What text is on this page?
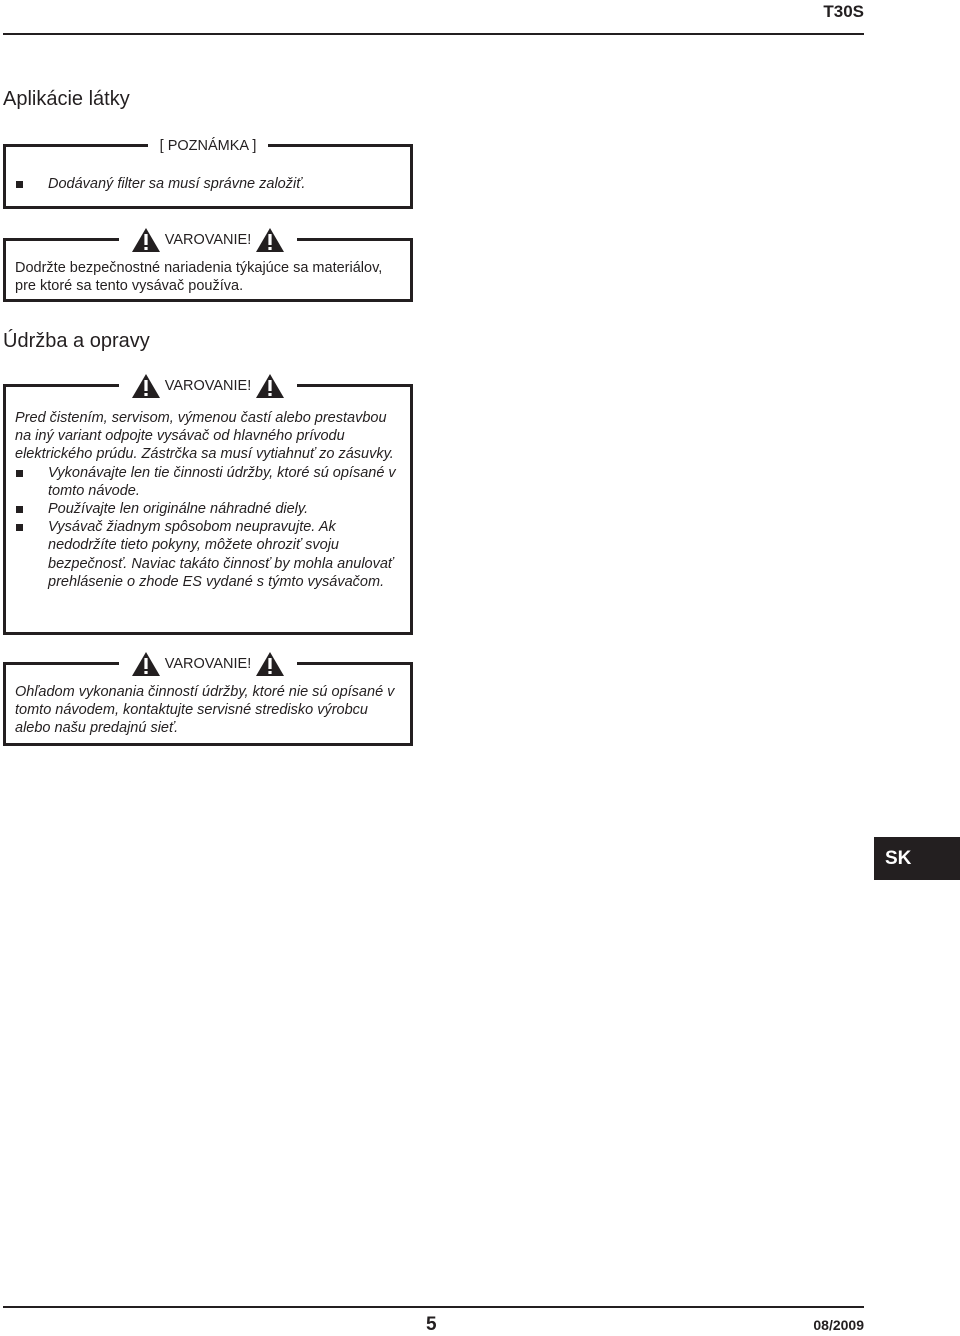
T30S
Aplikácie látky
[ POZNÁMKA ]
Dodávaný filter sa musí správne založiť.
VAROVANIE!
Dodržte bezpečnostné nariadenia týkajúce sa materiálov, pre ktoré sa tento vysávač používa.
Údržba a opravy
VAROVANIE!
Pred čistením, servisom, výmenou častí alebo prestavbou na iný variant odpojte vysávač od hlavného prívodu elektrického prúdu. Zástrčka sa musí vytiahnuť zo zásuvky.
Vykonávajte len tie činnosti údržby, ktoré sú opísané v tomto návode.
Používajte len originálne náhradné diely.
Vysávač žiadnym spôsobom neupravujte. Ak nedodržíte tieto pokyny, môžete ohroziť svoju bezpečnosť. Naviac takáto činnosť by mohla anulovať prehlásenie o zhode ES vydané s týmto vysávačom.
VAROVANIE!
Ohľadom vykonania činností údržby, ktoré nie sú opísané v tomto návodem, kontaktujte servisné stredisko výrobcu alebo našu predajnú sieť.
SK
5	08/2009
